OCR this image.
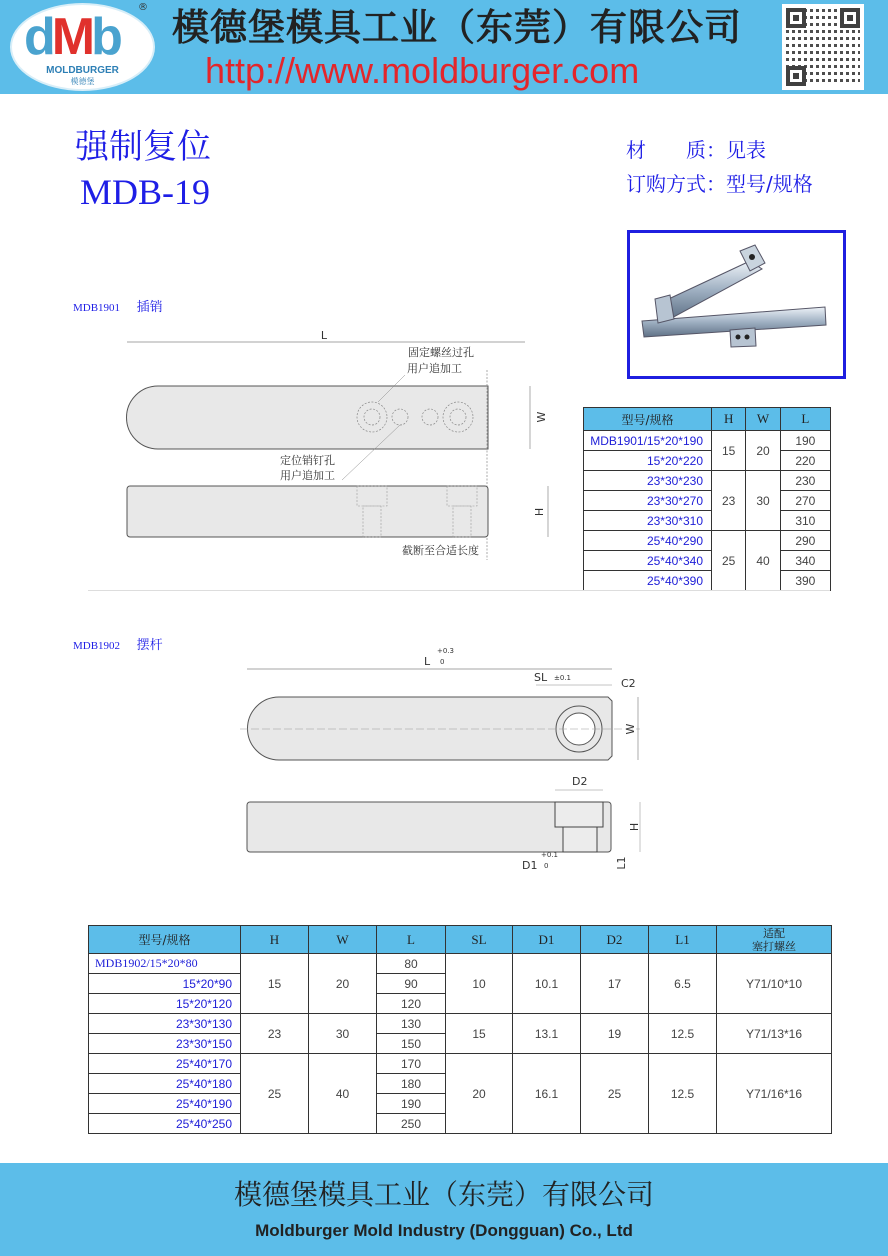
dMb
MOLDBURGER
模德堡
® 模德堡模具工业（东莞）有限公司
http://www.moldburger.com
强制复位
MDB-19
材　　质：见表
订购方式：型号/规格
MDB1901 插销
L
W
固定螺丝过孔
用户追加工
定位销钉孔
用户追加工
H
截断至合适长度
型号/规格	H	W	L
MDB1901/15*20*190	15	20	190
15*20*220			220
23*30*230	23	30	230
23*30*270			270
23*30*310			310
25*40*290	25	40	290
25*40*340			340
25*40*390			390
MDB1902 摆杆
L
+0.3
0
SL ±0.1	C2
W
D2
H
D1
+0.1
0	L1
型号/规格	H	W	L	SL	D1	D2	L1	适配
塞打螺丝

MDB1902/15*20*80	15	20	80	10	10.1	17	6.5	Y71/10*10
15*20*90			90					
15*20*120			120					
23*30*130	23	30	130	15	13.1	19	12.5	Y71/13*16
23*30*150			150					
25*40*170	25	40	170	20	16.1	25	12.5	Y71/16*16
25*40*180			180					
25*40*190			190					
25*40*250			250					
模德堡模具工业（东莞）有限公司
Moldburger Mold Industry (Dongguan) Co., Ltd
